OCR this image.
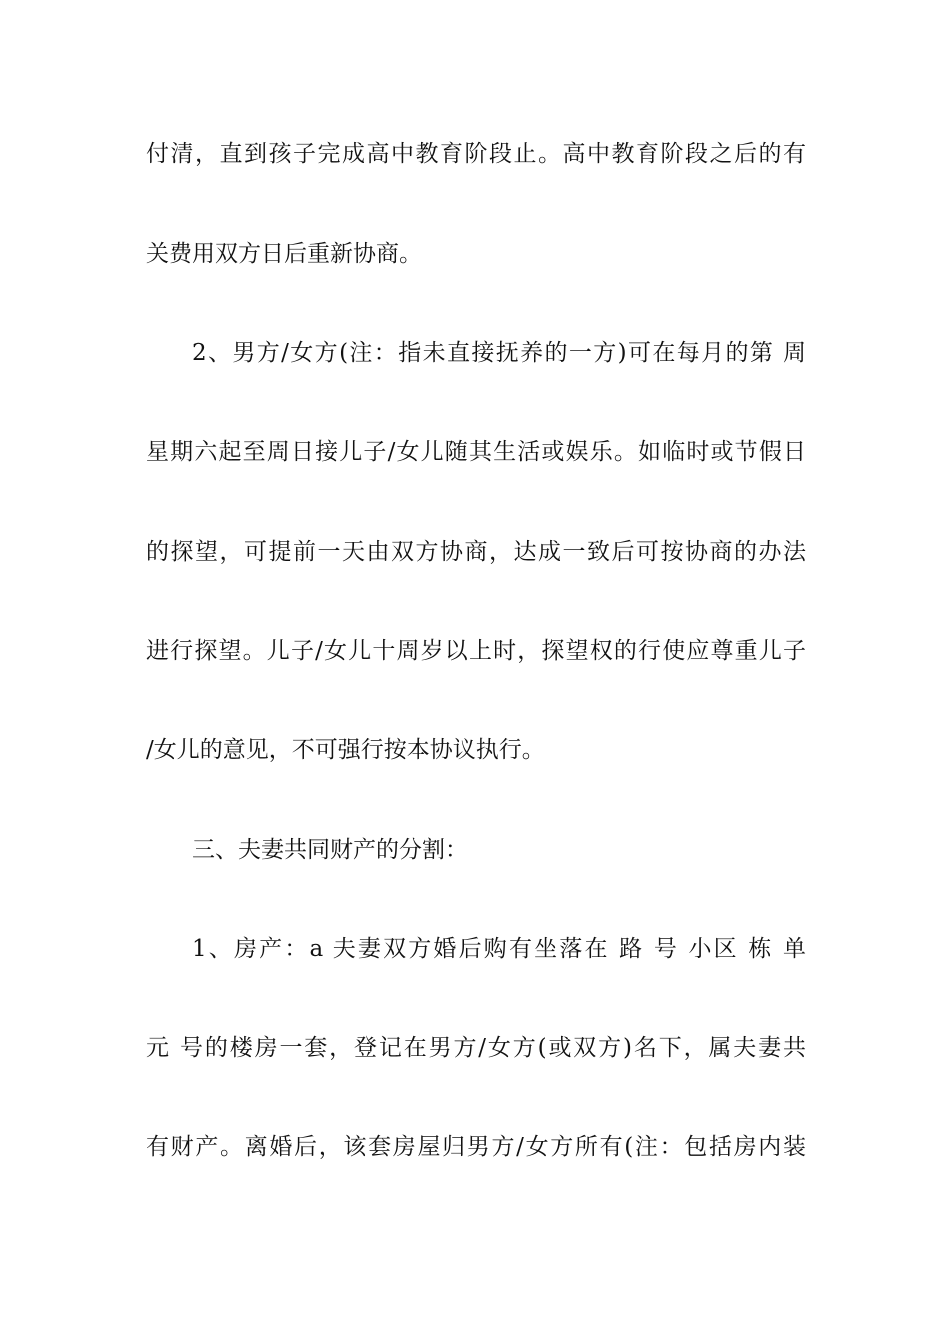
付清，直到孩子完成高中教育阶段止。高中教育阶段之后的有
关费用双方日后重新协商。
2、男方/女方(注：指未直接抚养的一方)可在每月的第 周
星期六起至周日接儿子/女儿随其生活或娱乐。如临时或节假日
的探望，可提前一天由双方协商，达成一致后可按协商的办法
进行探望。儿子/女儿十周岁以上时，探望权的行使应尊重儿子
/女儿的意见，不可强行按本协议执行。
三、夫妻共同财产的分割：
1、房产：a 夫妻双方婚后购有坐落在 路 号 小区 栋 单
元 号的楼房一套，登记在男方/女方(或双方)名下，属夫妻共
有财产。离婚后，该套房屋归男方/女方所有(注：包括房内装
